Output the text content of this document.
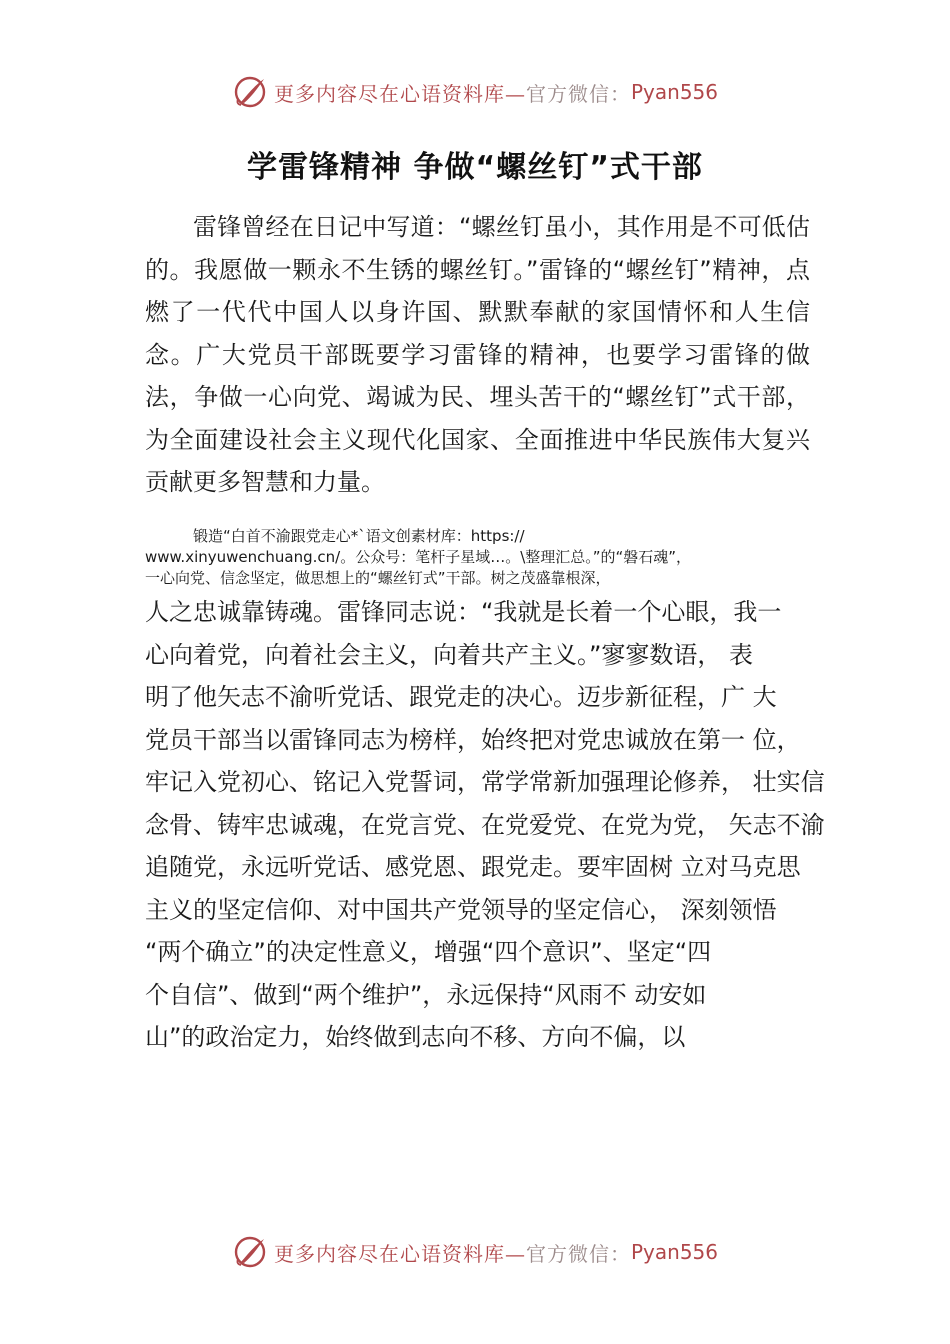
更多内容尽在心语资料库— 官方微信： Pyan556
学雷锋精神 争做“螺丝钉”式干部

雷锋曾经在日记中写道：“螺丝钉虽小，其作用是不可低估的。我愿做一颗永不生锈的螺丝钉。”雷锋的“螺丝钉”精神，点燃了一代代中国人以身许国、默默奉献的家国情怀和人生信念。广大党员干部既要学习雷锋的精神，也要学习雷锋的做法，争做一心向党、竭诚为民、埋头苦干的“螺丝钉”式干部，为全面建设社会主义现代化国家、全面推进中华民族伟大复兴贡献更多智慧和力量。

锻造“白首不渝跟党走心*`语文创素材库：https://
www.xinyuwenchuang.cn/。公众号：笔杆子星域…。\整理汇总。”的“磐石魂”，
一心向党、信念坚定，做思想上的“螺丝钉式”干部。树之茂盛靠根深，

人之忠诚靠铸魂。雷锋同志说：“我就是长着一个心眼，我一
心向着党，向着社会主义，向着共产主义。”寥寥数语， 表
明了他矢志不渝听党话、跟党走的决心。迈步新征程，广 大
党员干部当以雷锋同志为榜样，始终把对党忠诚放在第一 位，
牢记入党初心、铭记入党誓词，常学常新加强理论修养， 壮实信
念骨、铸牢忠诚魂，在党言党、在党爱党、在党为党， 矢志不渝
追随党，永远听党话、感党恩、跟党走。要牢固树 立对马克思
主义的坚定信仰、对中国共产党领导的坚定信心， 深刻领悟
“两个确立”的决定性意义，增强“四个意识”、坚定“四
个自信”、做到“两个维护”，永远保持“风雨不 动安如
山”的政治定力，始终做到志向不移、方向不偏，以
更多内容尽在心语资料库— 官方微信： Pyan556
